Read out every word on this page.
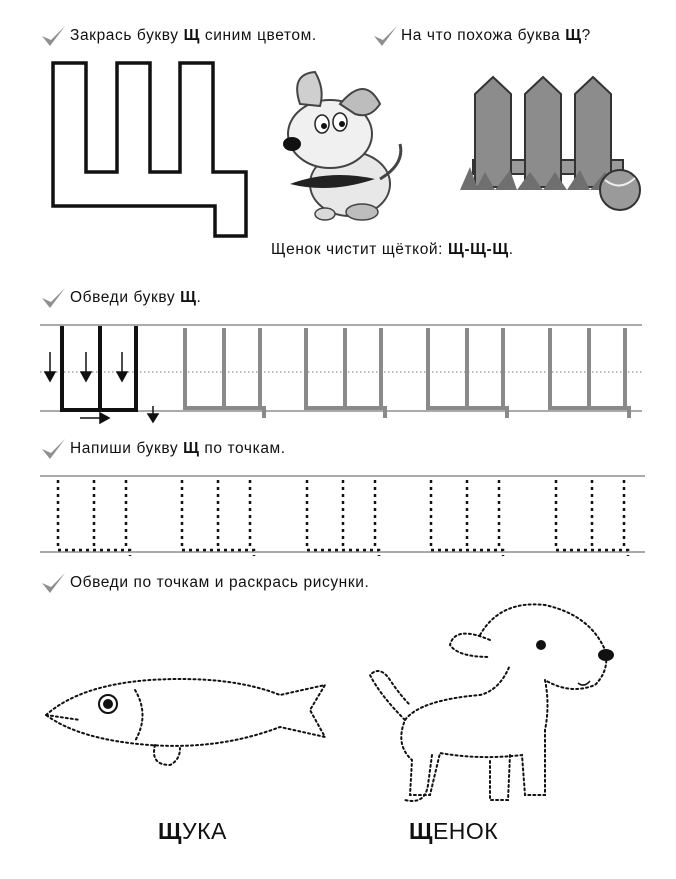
Закрась букву Щ синим цветом.	На что похожа буква Щ?
Щенок чистит щёткой: Щ-Щ-Щ.
Обведи букву Щ.
Напиши букву Щ по точкам.
Обведи по точкам и раскрась рисунки.
ЩУКА	ЩЕНОК
